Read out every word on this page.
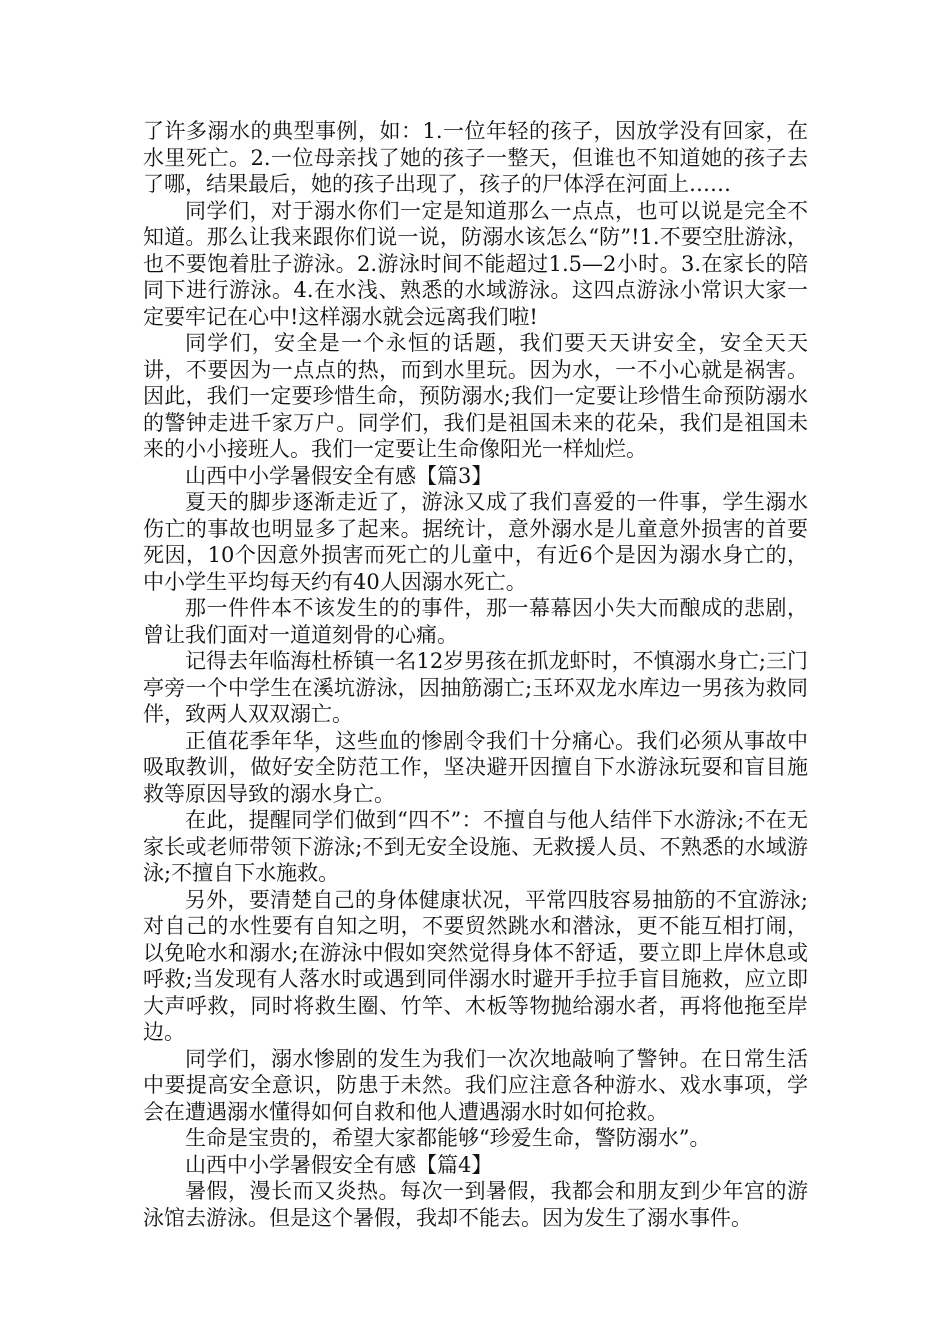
了许多溺水的典型事例，如：1.一位年轻的孩子，因放学没有回家，在水里死亡。2.一位母亲找了她的孩子一整天，但谁也不知道她的孩子去了哪，结果最后，她的孩子出现了，孩子的尸体浮在河面上……

同学们，对于溺水你们一定是知道那么一点点，也可以说是完全不知道。那么让我来跟你们说一说，防溺水该怎么“防”!1.不要空肚游泳，也不要饱着肚子游泳。2.游泳时间不能超过1.5—2小时。3.在家长的陪同下进行游泳。4.在水浅、熟悉的水域游泳。这四点游泳小常识大家一定要牢记在心中!这样溺水就会远离我们啦!

同学们，安全是一个永恒的话题，我们要天天讲安全，安全天天讲，不要因为一点点的热，而到水里玩。因为水，一不小心就是祸害。因此，我们一定要珍惜生命，预防溺水;我们一定要让珍惜生命预防溺水的警钟走进千家万户。同学们，我们是祖国未来的花朵，我们是祖国未来的小小接班人。我们一定要让生命像阳光一样灿烂。

山西中小学暑假安全有感【篇3】

夏天的脚步逐渐走近了，游泳又成了我们喜爱的一件事，学生溺水伤亡的事故也明显多了起来。据统计，意外溺水是儿童意外损害的首要死因，10个因意外损害而死亡的儿童中，有近6个是因为溺水身亡的，中小学生平均每天约有40人因溺水死亡。

那一件件本不该发生的的事件，那一幕幕因小失大而酿成的悲剧，曾让我们面对一道道刻骨的心痛。

记得去年临海杜桥镇一名12岁男孩在抓龙虾时，不慎溺水身亡;三门亭旁一个中学生在溪坑游泳，因抽筋溺亡;玉环双龙水库边一男孩为救同伴，致两人双双溺亡。

正值花季年华，这些血的惨剧令我们十分痛心。我们必须从事故中吸取教训，做好安全防范工作，坚决避开因擅自下水游泳玩耍和盲目施救等原因导致的溺水身亡。

在此，提醒同学们做到“四不”：不擅自与他人结伴下水游泳;不在无家长或老师带领下游泳;不到无安全设施、无救援人员、不熟悉的水域游泳;不擅自下水施救。

另外，要清楚自己的身体健康状况，平常四肢容易抽筋的不宜游泳;对自己的水性要有自知之明，不要贸然跳水和潜泳，更不能互相打闹，以免呛水和溺水;在游泳中假如突然觉得身体不舒适，要立即上岸休息或呼救;当发现有人落水时或遇到同伴溺水时避开手拉手盲目施救，应立即大声呼救，同时将救生圈、竹竿、木板等物抛给溺水者，再将他拖至岸边。

同学们，溺水惨剧的发生为我们一次次地敲响了警钟。在日常生活中要提高安全意识，防患于未然。我们应注意各种游水、戏水事项，学会在遭遇溺水懂得如何自救和他人遭遇溺水时如何抢救。

生命是宝贵的，希望大家都能够“珍爱生命，警防溺水”。

山西中小学暑假安全有感【篇4】

暑假，漫长而又炎热。每次一到暑假，我都会和朋友到少年宫的游泳馆去游泳。但是这个暑假，我却不能去。因为发生了溺水事件。
